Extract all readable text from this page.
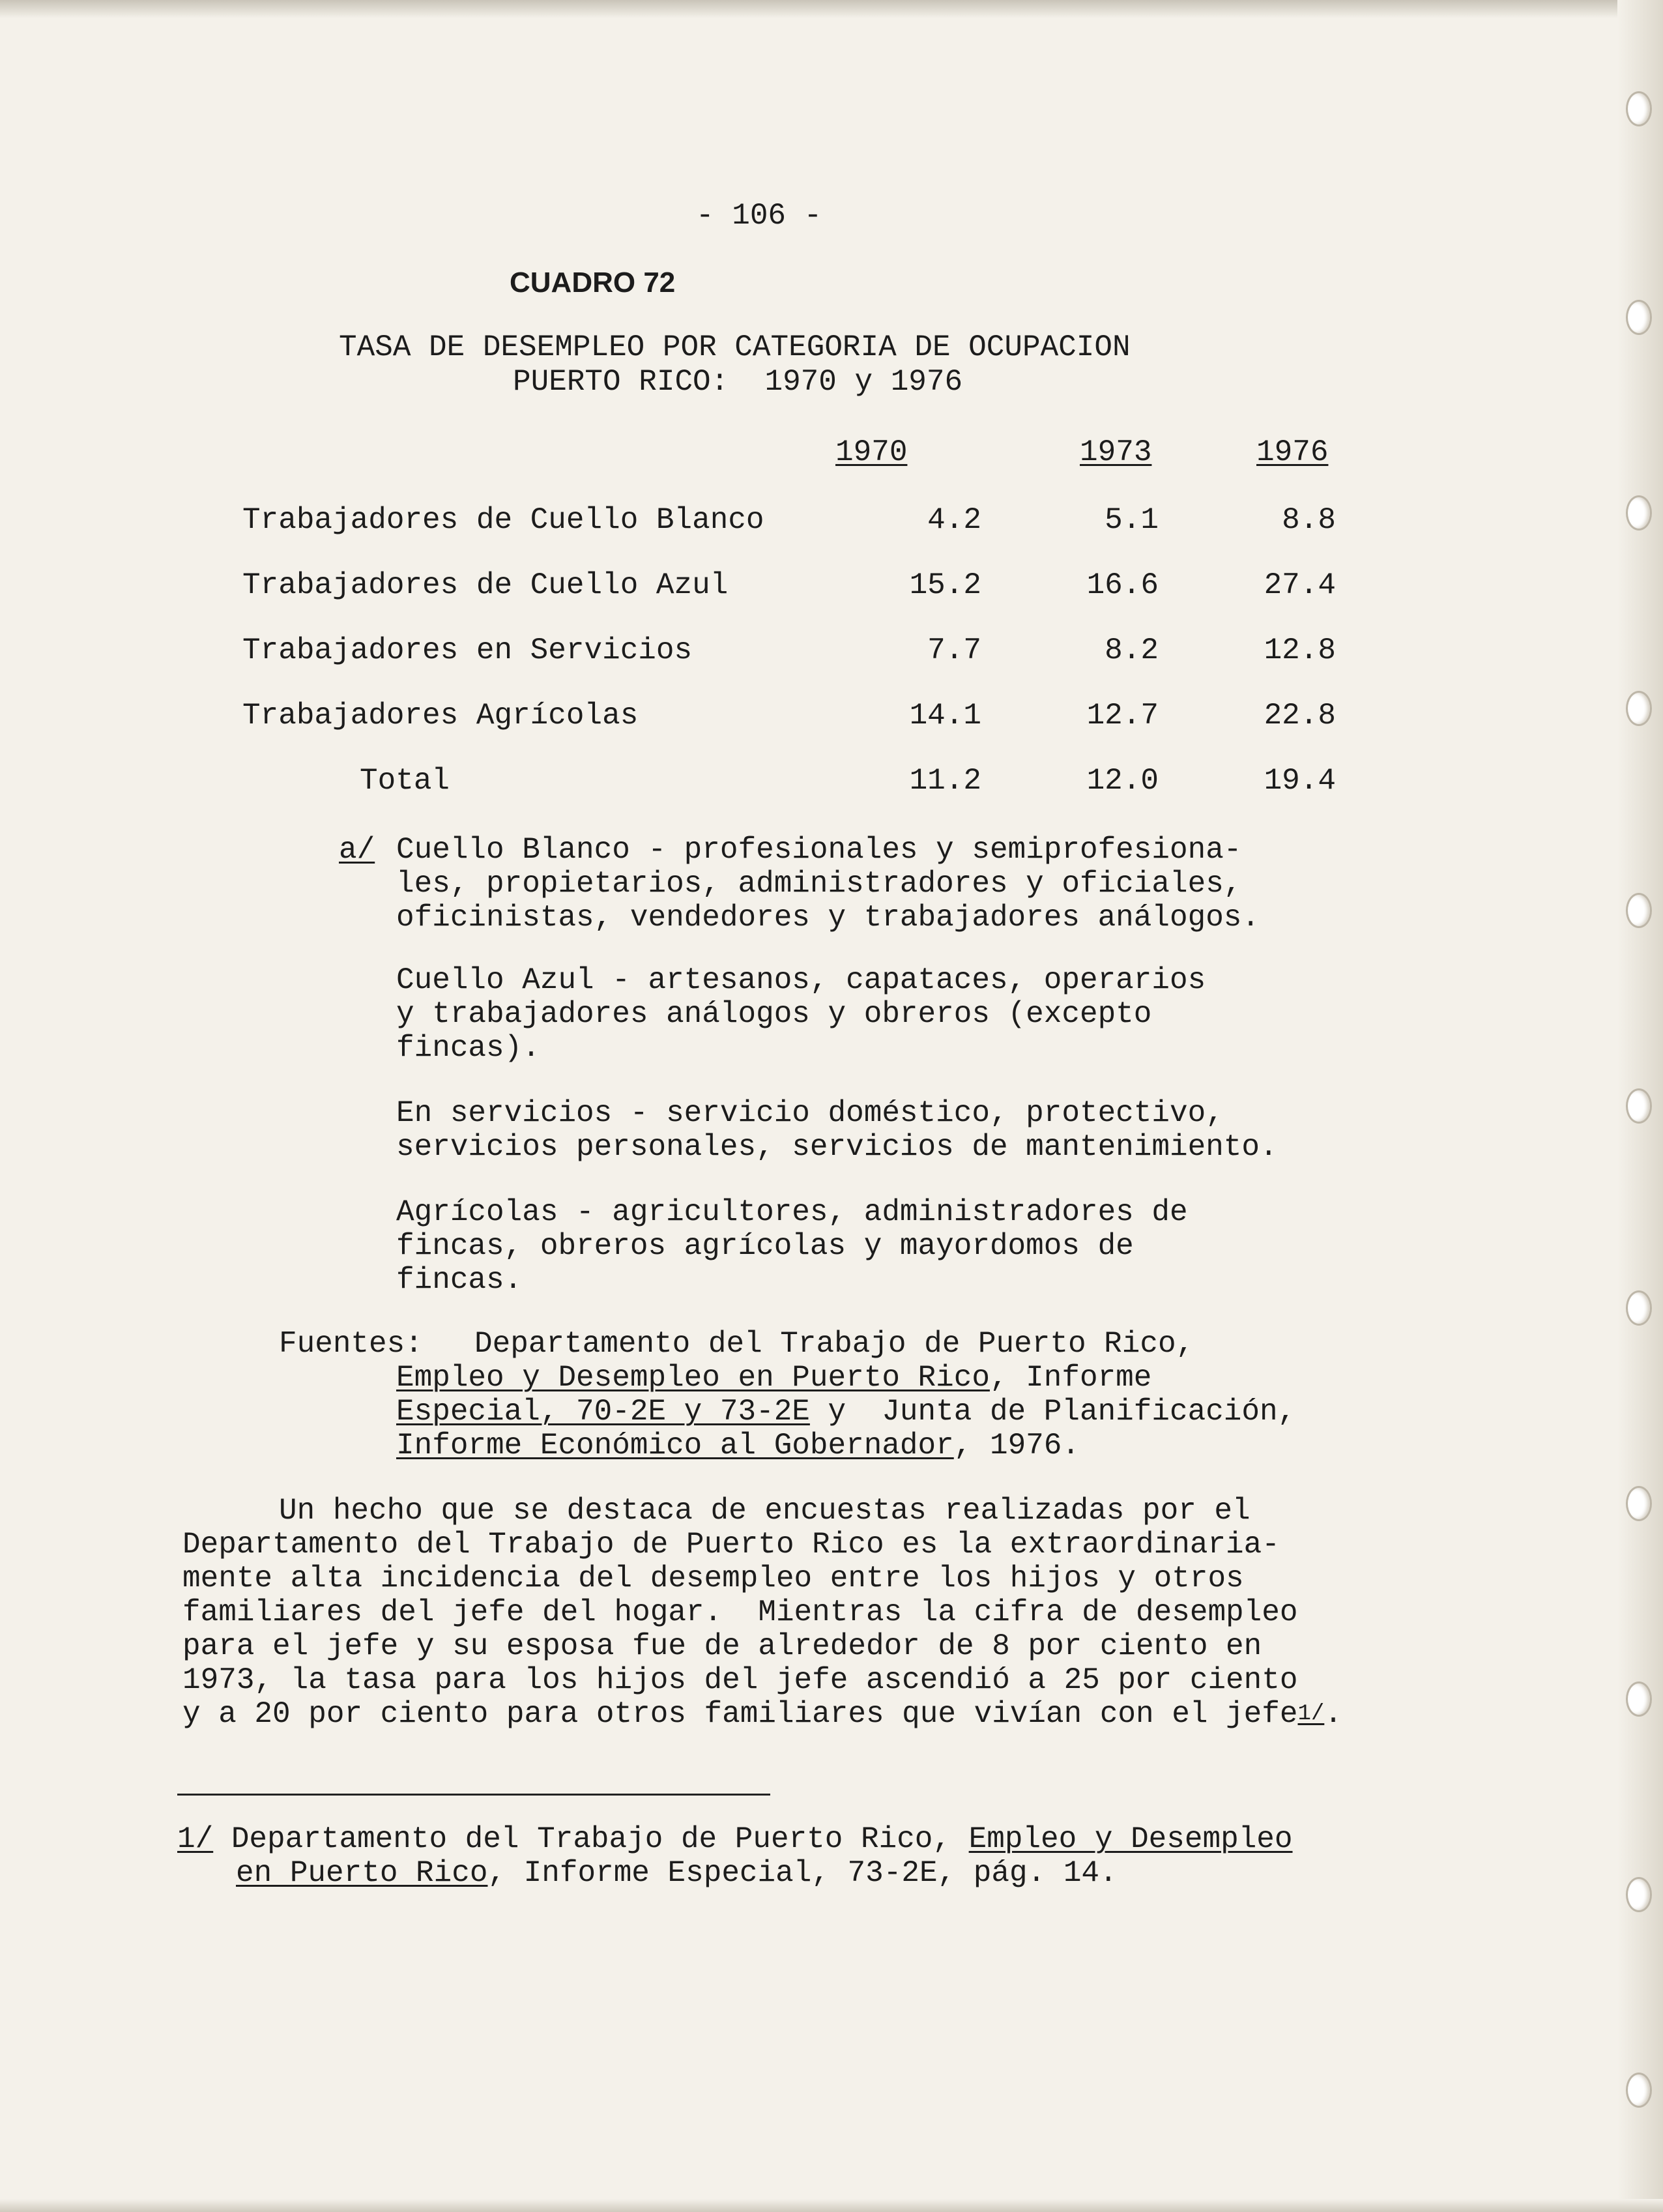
- 106 -
CUADRO 72
TASA DE DESEMPLEO POR CATEGORIA DE OCUPACION
PUERTO RICO:  1970 y 1976
1970	1973	1976
Trabajadores de Cuello Blanco	4.2	5.1	8.8
Trabajadores de Cuello Azul	15.2	16.6	27.4
Trabajadores en Servicios	7.7	8.2	12.8
Trabajadores Agrícolas	14.1	12.7	22.8
Total	11.2	12.0	19.4
a/ Cuello Blanco - profesionales y semiprofesiona-
les, propietarios, administradores y oficiales,
oficinistas, vendedores y trabajadores análogos.
Cuello Azul - artesanos, capataces, operarios
y trabajadores análogos y obreros (excepto
fincas).
En servicios - servicio doméstico, protectivo,
servicios personales, servicios de mantenimiento.
Agrícolas - agricultores, administradores de
fincas, obreros agrícolas y mayordomos de
fincas.
Fuentes: Departamento del Trabajo de Puerto Rico,
Empleo y Desempleo en Puerto Rico, Informe
Especial, 70-2E y 73-2E y  Junta de Planificación,
Informe Económico al Gobernador, 1976.
Un hecho que se destaca de encuestas realizadas por el
Departamento del Trabajo de Puerto Rico es la extraordinaria-
mente alta incidencia del desempleo entre los hijos y otros
familiares del jefe del hogar.  Mientras la cifra de desempleo
para el jefe y su esposa fue de alrededor de 8 por ciento en
1973, la tasa para los hijos del jefe ascendió a 25 por ciento
y a 20 por ciento para otros familiares que vivían con el jefe$^{1/}$.
1/ Departamento del Trabajo de Puerto Rico, Empleo y Desempleo
en Puerto Rico, Informe Especial, 73-2E, pág. 14.
